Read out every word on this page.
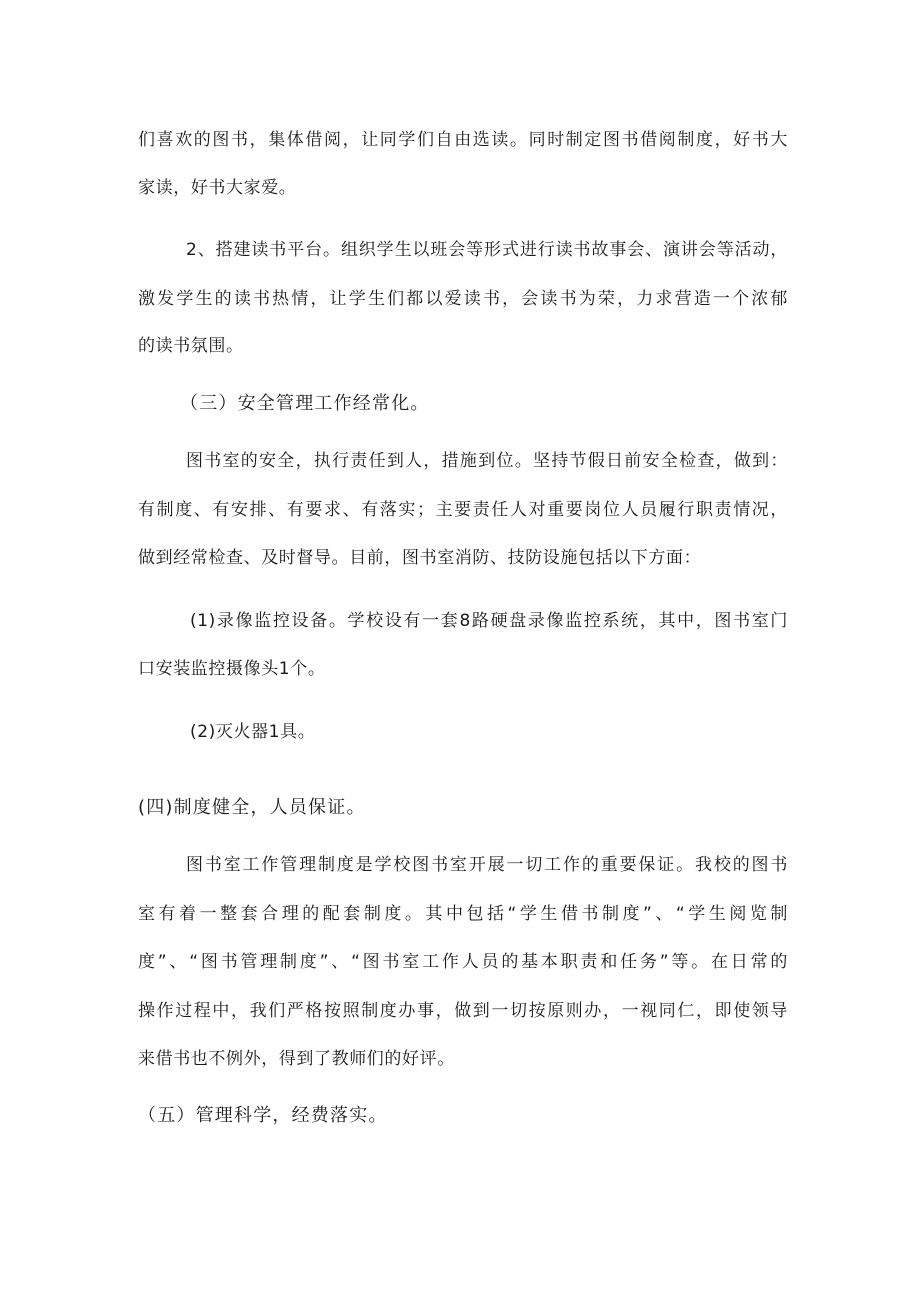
们喜欢的图书，集体借阅，让同学们自由选读。同时制定图书借阅制度，好书大
家读，好书大家爱。
2、搭建读书平台。组织学生以班会等形式进行读书故事会、演讲会等活动，
激发学生的读书热情，让学生们都以爱读书，会读书为荣，力求营造一个浓郁
的读书氛围。
（三）安全管理工作经常化。
图书室的安全，执行责任到人，措施到位。坚持节假日前安全检查，做到：
有制度、有安排、有要求、有落实；主要责任人对重要岗位人员履行职责情况，
做到经常检查、及时督导。目前，图书室消防、技防设施包括以下方面：
(1)录像监控设备。学校设有一套8路硬盘录像监控系统，其中，图书室门
口安装监控摄像头1个。
(2)灭火器1具。
(四)制度健全，人员保证。
图书室工作管理制度是学校图书室开展一切工作的重要保证。我校的图书
室有着一整套合理的配套制度。其中包括“学生借书制度”、“学生阅览制
度”、“图书管理制度”、“图书室工作人员的基本职责和任务”等。在日常的
操作过程中，我们严格按照制度办事，做到一切按原则办，一视同仁，即使领导
来借书也不例外，得到了教师们的好评。
（五）管理科学，经费落实。
